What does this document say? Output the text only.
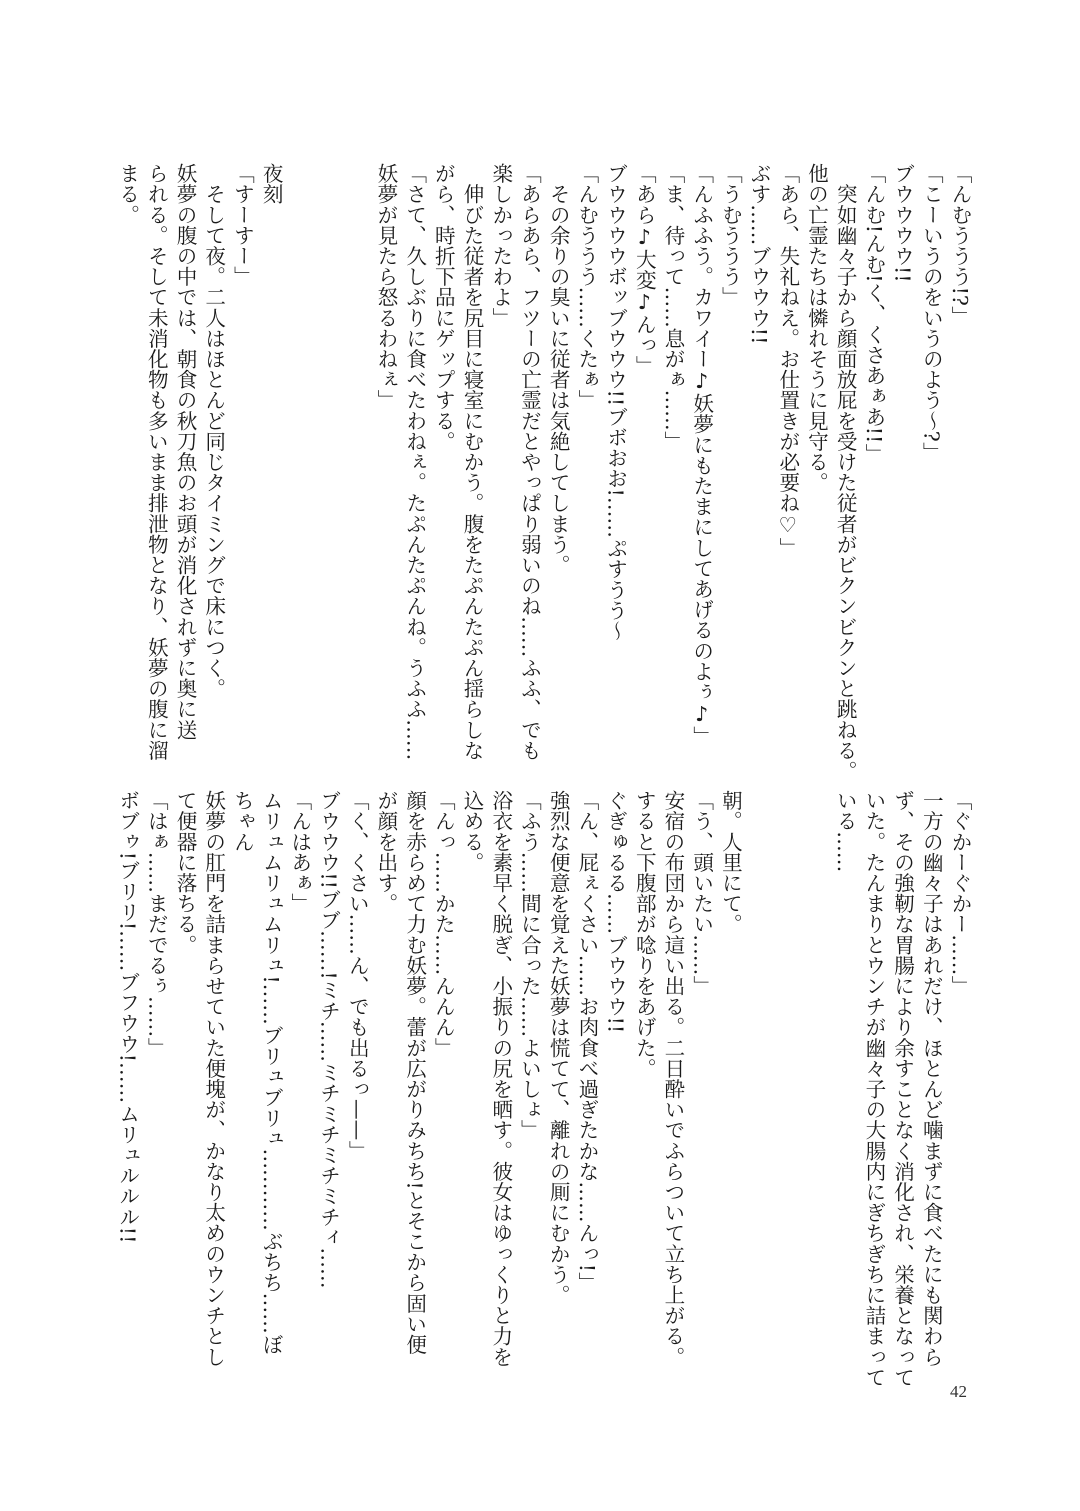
「んむううう!?」
「こーいうのをいうのよう〜?」
ブウウウウ!!
「んむ!んむ!く、くさあぁあ!!」
　突如幽々子から顔面放屁を受けた従者がビクンビクンと跳ねる。
他の亡霊たちは憐れそうに見守る。
「あら、失礼ねえ。お仕置きが必要ね♡」
ぶす……ブウウウ!!
「うむううう」
「んふふう。カワイー♪妖夢にもたまにしてあげるのよぅ♪」
「ま、待って……息がぁ……」
「あら♪大変♪んっ」
ブウウウウボッブウウウ!!ブボおお!……ぷすうう〜
「んむううう……くたぁ」
　その余りの臭いに従者は気絶してしまう。
「あらあら、フツーの亡霊だとやっぱり弱いのね……ふふ、でも
楽しかったわよ」
　伸びた従者を尻目に寝室にむかう。腹をたぷんたぷん揺らしな
がら、時折下品にゲップする。
「さて、久しぶりに食べたわねぇ。たぷんたぷんね。うふふ……
妖夢が見たら怒るわねぇ」
夜刻
「すーすー」
　そして夜。二人はほとんど同じタイミングで床につく。
妖夢の腹の中では、朝食の秋刀魚のお頭が消化されずに奥に送
られる。そして未消化物も多いまま排泄物となり、妖夢の腹に溜
まる。
「ぐかーぐかー……」
一方の幽々子はあれだけ、ほとんど噛まずに食べたにも関わら
ず、その強靭な胃腸により余すことなく消化され、栄養となって
いた。たんまりとウンチが幽々子の大腸内にぎちぎちに詰まって
いる……
朝。人里にて。
「う、頭いたい……」
安宿の布団から這い出る。二日酔いでふらついて立ち上がる。
すると下腹部が唸りをあげた。
ぐぎゅるる……ブウウウ!!
「ん、屁ぇくさい……お肉食べ過ぎたかな……んっ!」
強烈な便意を覚えた妖夢は慌てて、離れの厠にむかう。
「ふう……間に合った……よいしょ」
浴衣を素早く脱ぎ、小振りの尻を晒す。彼女はゆっくりと力を
込める。
「んっ……かた……んんん」
顔を赤らめて力む妖夢。蕾が広がりみちち!とそこから固い便
が顔を出す。
「く、くさい……ん、でも出るっ——」
ブウウウ!!ブブ……!ミチ……ミチミチミチミチィ……
「んはあぁ」
ムリュムリュムリュ!……ブリュブリュ…………ぶちち……ぼ
ちゃん
妖夢の肛門を詰まらせていた便塊が、かなり太めのウンチとし
て便器に落ちる。
「はぁ……まだでるぅ……」
ボブゥ!ブリリ!……ブフウウ!……ムリュルルル!!
42
